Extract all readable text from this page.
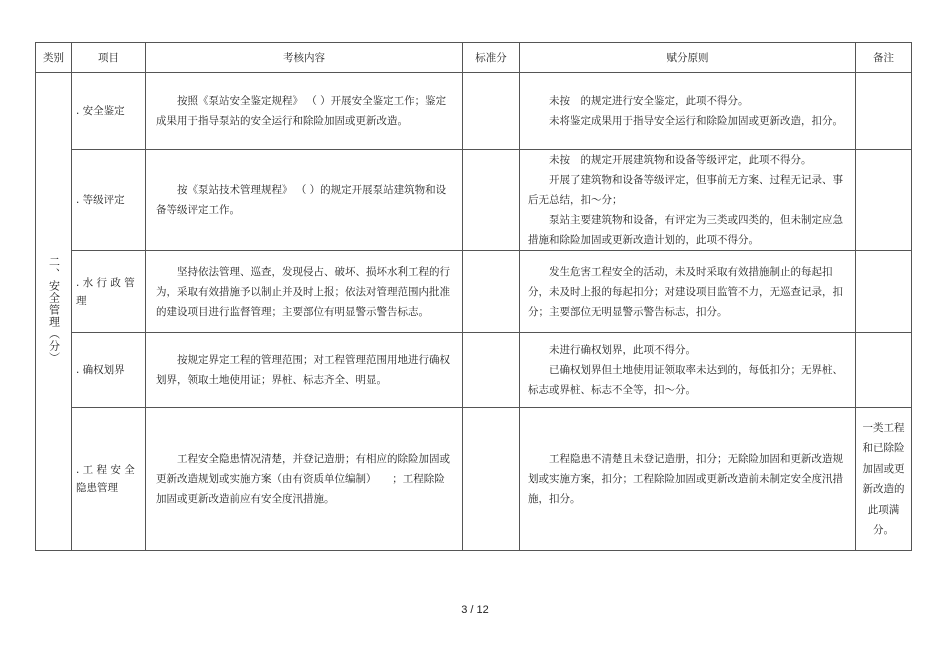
类别	项目	考核内容	标准分	赋分原则	备注
二、安全管理（分）	. 安全鉴定	按照《泵站安全鉴定规程》 （ ）开展安全鉴定工作；鉴定成果用于指导泵站的安全运行和除险加固或更新改造。		未按　的规定进行安全鉴定，此项不得分。

未将鉴定成果用于指导安全运行和除险加固或更新改造，扣分。	

	. 等级评定	按《泵站技术管理规程》 （ ）的规定开展泵站建筑物和设备等级评定工作。		未按　的规定开展建筑物和设备等级评定，此项不得分。

开展了建筑物和设备等级评定，但事前无方案、过程无记录、事后无总结，扣～分；

泵站主要建筑物和设备，有评定为三类或四类的，但未制定应急措施和除险加固或更新改造计划的，此项不得分。	

	. 水 行 政 管理	坚持依法管理、巡查，发现侵占、破坏、损坏水利工程的行为，采取有效措施予以制止并及时上报；依法对管理范围内批准的建设项目进行监督管理；主要部位有明显警示警告标志。		发生危害工程安全的活动，未及时采取有效措施制止的每起扣分，未及时上报的每起扣分；对建设项目监管不力，无巡查记录，扣分；主要部位无明显警示警告标志，扣分。	

	. 确权划界	按规定界定工程的管理范围；对工程管理范围用地进行确权划界，领取土地使用证；界桩、标志齐全、明显。		未进行确权划界，此项不得分。

已确权划界但土地使用证领取率未达到的，每低扣分；无界桩、标志或界桩、标志不全等，扣～分。	

	. 工 程 安 全隐患管理	工程安全隐患情况清楚，并登记造册；有相应的除险加固或更新改造规划或实施方案（由有资质单位编制）　　；工程除险加固或更新改造前应有安全度汛措施。		工程隐患不清楚且未登记造册，扣分；无除险加固和更新改造规划或实施方案，扣分；工程除险加固或更新改造前未制定安全度汛措施，扣分。	一类工程和已除险加固或更新改造的此项满分。
3 / 12
